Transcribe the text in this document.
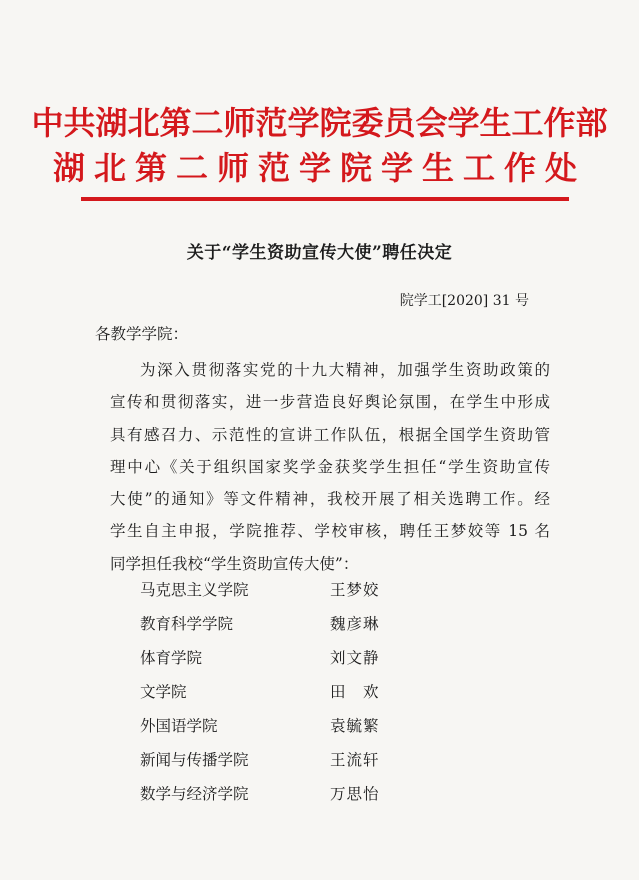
中共湖北第二师范学院委员会学生工作部
湖北第二师范学院学生工作处
关于“学生资助宣传大使”聘任决定
院学工[2020] 31 号
各教学学院：
为深入贯彻落实党的十九大精神，加强学生资助政策的
宣传和贯彻落实，进一步营造良好舆论氛围，在学生中形成
具有感召力、示范性的宣讲工作队伍，根据全国学生资助管
理中心《关于组织国家奖学金获奖学生担任“学生资助宣传
大使”的通知》等文件精神，我校开展了相关选聘工作。经
学生自主申报，学院推荐、学校审核，聘任王梦姣等 15 名
同学担任我校“学生资助宣传大使”：
马克思主义学院	王梦姣
教育科学学院	魏彦琳
体育学院	刘文静
文学院	田　欢
外国语学院	袁毓繁
新闻与传播学院	王流轩
数学与经济学院	万思怡
